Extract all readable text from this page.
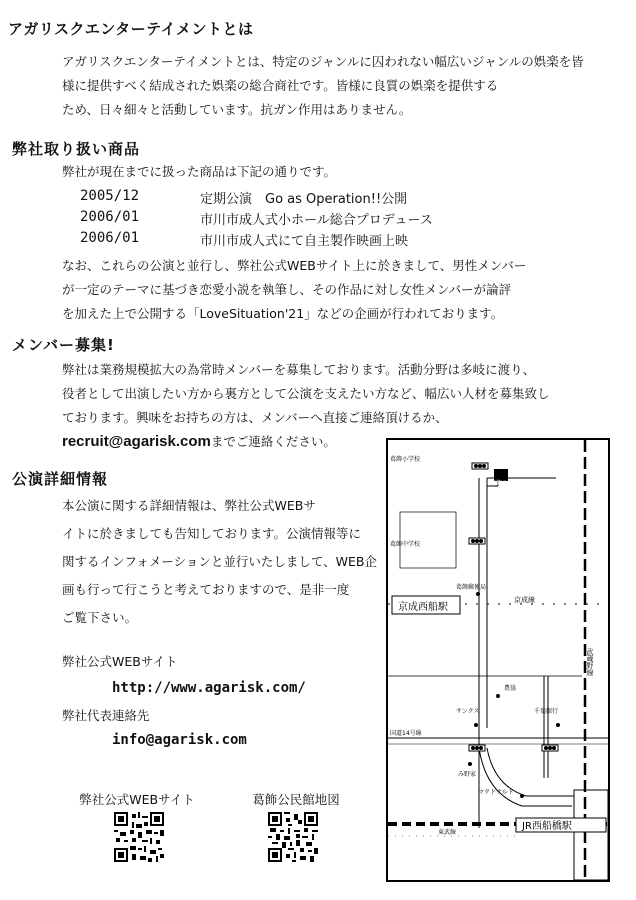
アガリスクエンターテイメントとは

アガリスクエンターテイメントとは、特定のジャンルに囚われない幅広いジャンルの娯楽を皆

様に提供すべく結成された娯楽の総合商社です。皆様に良質の娯楽を提供する

ため、日々細々と活動しています。抗ガン作用はありません。

弊社取り扱い商品

弊社が現在までに扱った商品は下記の通りです。

2005/12	定期公演　Go as Operation!!公開
2006/01	市川市成人式小ホール総合プロデュース
2006/01	市川市成人式にて自主製作映画上映

なお、これらの公演と並行し、弊社公式WEBサイト上に於きまして、男性メンバー

が一定のテーマに基づき恋愛小説を執筆し、その作品に対し女性メンバーが論評

を加えた上で公開する「LoveSituation'21」などの企画が行われております。

メンバー募集!

弊社は業務規模拡大の為常時メンバーを募集しております。活動分野は多岐に渡り、

役者として出演したい方から裏方として公演を支えたい方など、幅広い人材を募集致し

ております。興味をお持ちの方は、メンバーへ直接ご連絡頂けるか、

recruit@agarisk.comまでご連絡ください。

公演詳細情報

本公演に関する詳細情報は、弊社公式WEBサ

イトに於きましても告知しております。公演情報等に

関するインフォメーションと並行いたしまして、WEB企

画も行って行こうと考えておりますので、是非一度

ご覧下さい。

弊社公式WEBサイト
http://www.agarisk.com/
弊社代表連絡先
info@agarisk.com
弊社公式WEBサイト	葛飾公民館地図
葛飾小学校
葛飾公民館
葛飾中学校
京成西船駅
京成線
武蔵野線
葛飾郵便局
農協
国道14号線
サンクス	千葉銀行
み野家
マクドナルド
東武線
JR西船橋駅
